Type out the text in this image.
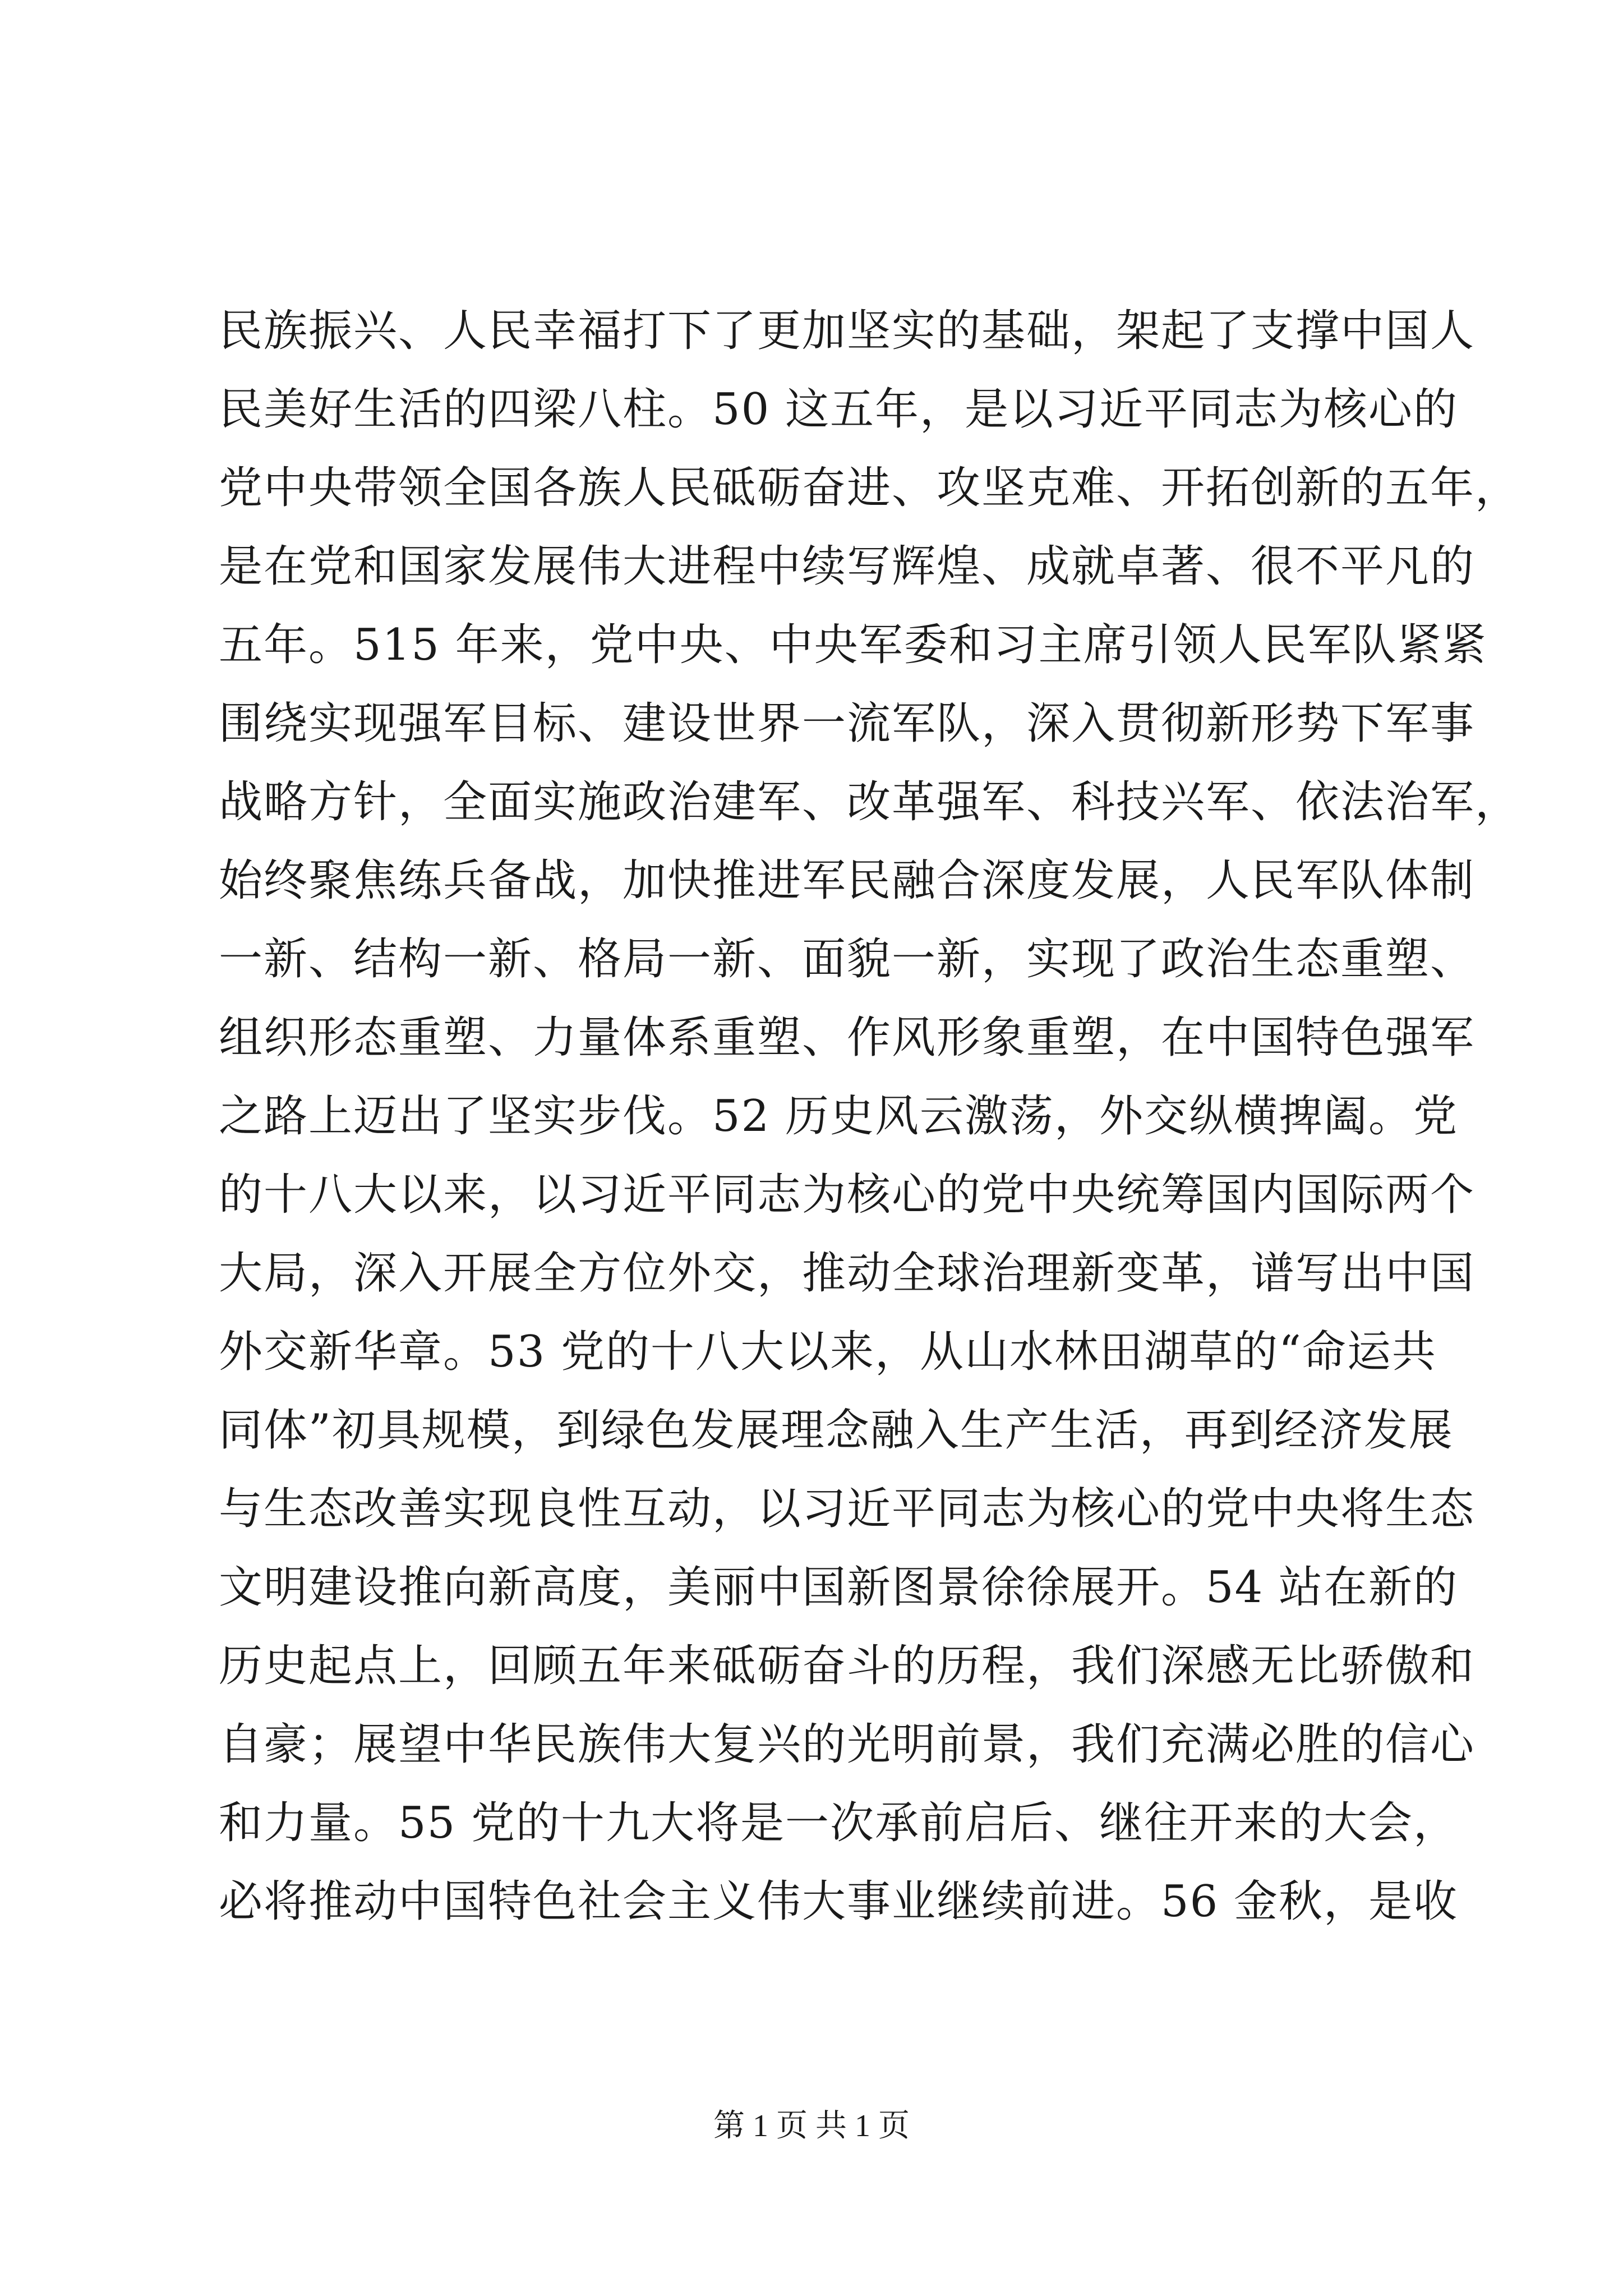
民族振兴、人民幸福打下了更加坚实的基础，架起了支撑中国人
民美好生活的四梁八柱。50 这五年，是以习近平同志为核心的
党中央带领全国各族人民砥砺奋进、攻坚克难、开拓创新的五年，
是在党和国家发展伟大进程中续写辉煌、成就卓著、很不平凡的
五年。515 年来，党中央、中央军委和习主席引领人民军队紧紧
围绕实现强军目标、建设世界一流军队，深入贯彻新形势下军事
战略方针，全面实施政治建军、改革强军、科技兴军、依法治军，
始终聚焦练兵备战，加快推进军民融合深度发展，人民军队体制
一新、结构一新、格局一新、面貌一新，实现了政治生态重塑、
组织形态重塑、力量体系重塑、作风形象重塑，在中国特色强军
之路上迈出了坚实步伐。52 历史风云激荡，外交纵横捭阖。党
的十八大以来，以习近平同志为核心的党中央统筹国内国际两个
大局，深入开展全方位外交，推动全球治理新变革，谱写出中国
外交新华章。53 党的十八大以来，从山水林田湖草的“命运共
同体”初具规模，到绿色发展理念融入生产生活，再到经济发展
与生态改善实现良性互动，以习近平同志为核心的党中央将生态
文明建设推向新高度，美丽中国新图景徐徐展开。54 站在新的
历史起点上，回顾五年来砥砺奋斗的历程，我们深感无比骄傲和
自豪；展望中华民族伟大复兴的光明前景，我们充满必胜的信心
和力量。55 党的十九大将是一次承前启后、继往开来的大会，
必将推动中国特色社会主义伟大事业继续前进。56 金秋，是收
第 1 页 共 1 页
